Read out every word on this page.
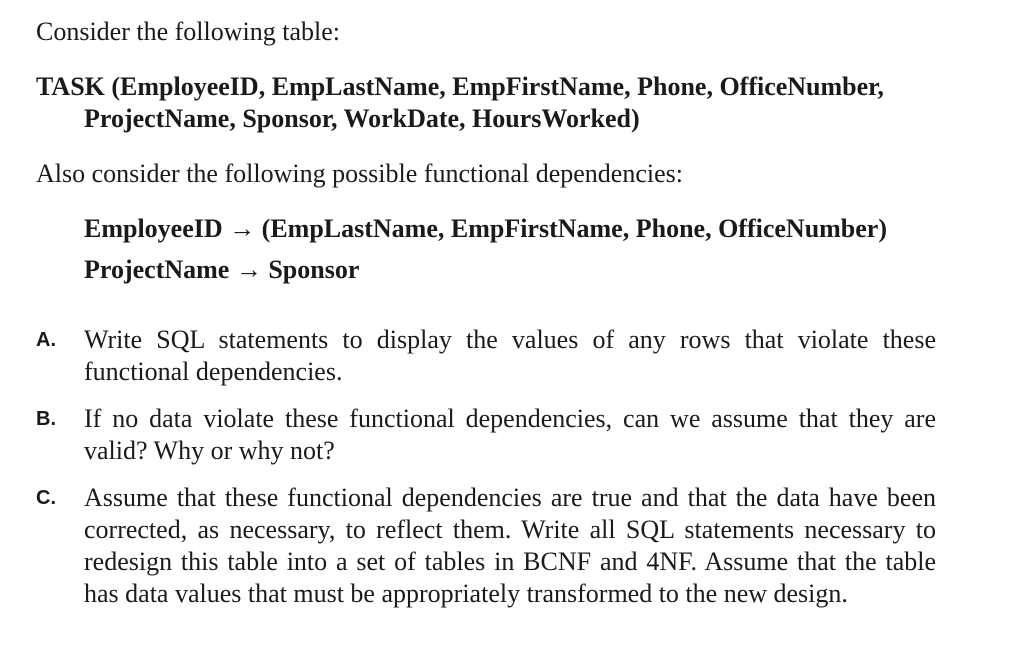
Consider the following table:
TASK (EmployeeID, EmpLastName, EmpFirstName, Phone, OfficeNumber,
ProjectName, Sponsor, WorkDate, HoursWorked)
Also consider the following possible functional dependencies:
EmployeeID → (EmpLastName, EmpFirstName, Phone, OfficeNumber)
ProjectName → Sponsor
A. Write SQL statements to display the values of any rows that violate these functional dependencies.
B. If no data violate these functional dependencies, can we assume that they are valid? Why or why not?
C. Assume that these functional dependencies are true and that the data have been corrected, as necessary, to reflect them. Write all SQL statements necessary to redesign this table into a set of tables in BCNF and 4NF. Assume that the table has data values that must be appropriately transformed to the new design.
